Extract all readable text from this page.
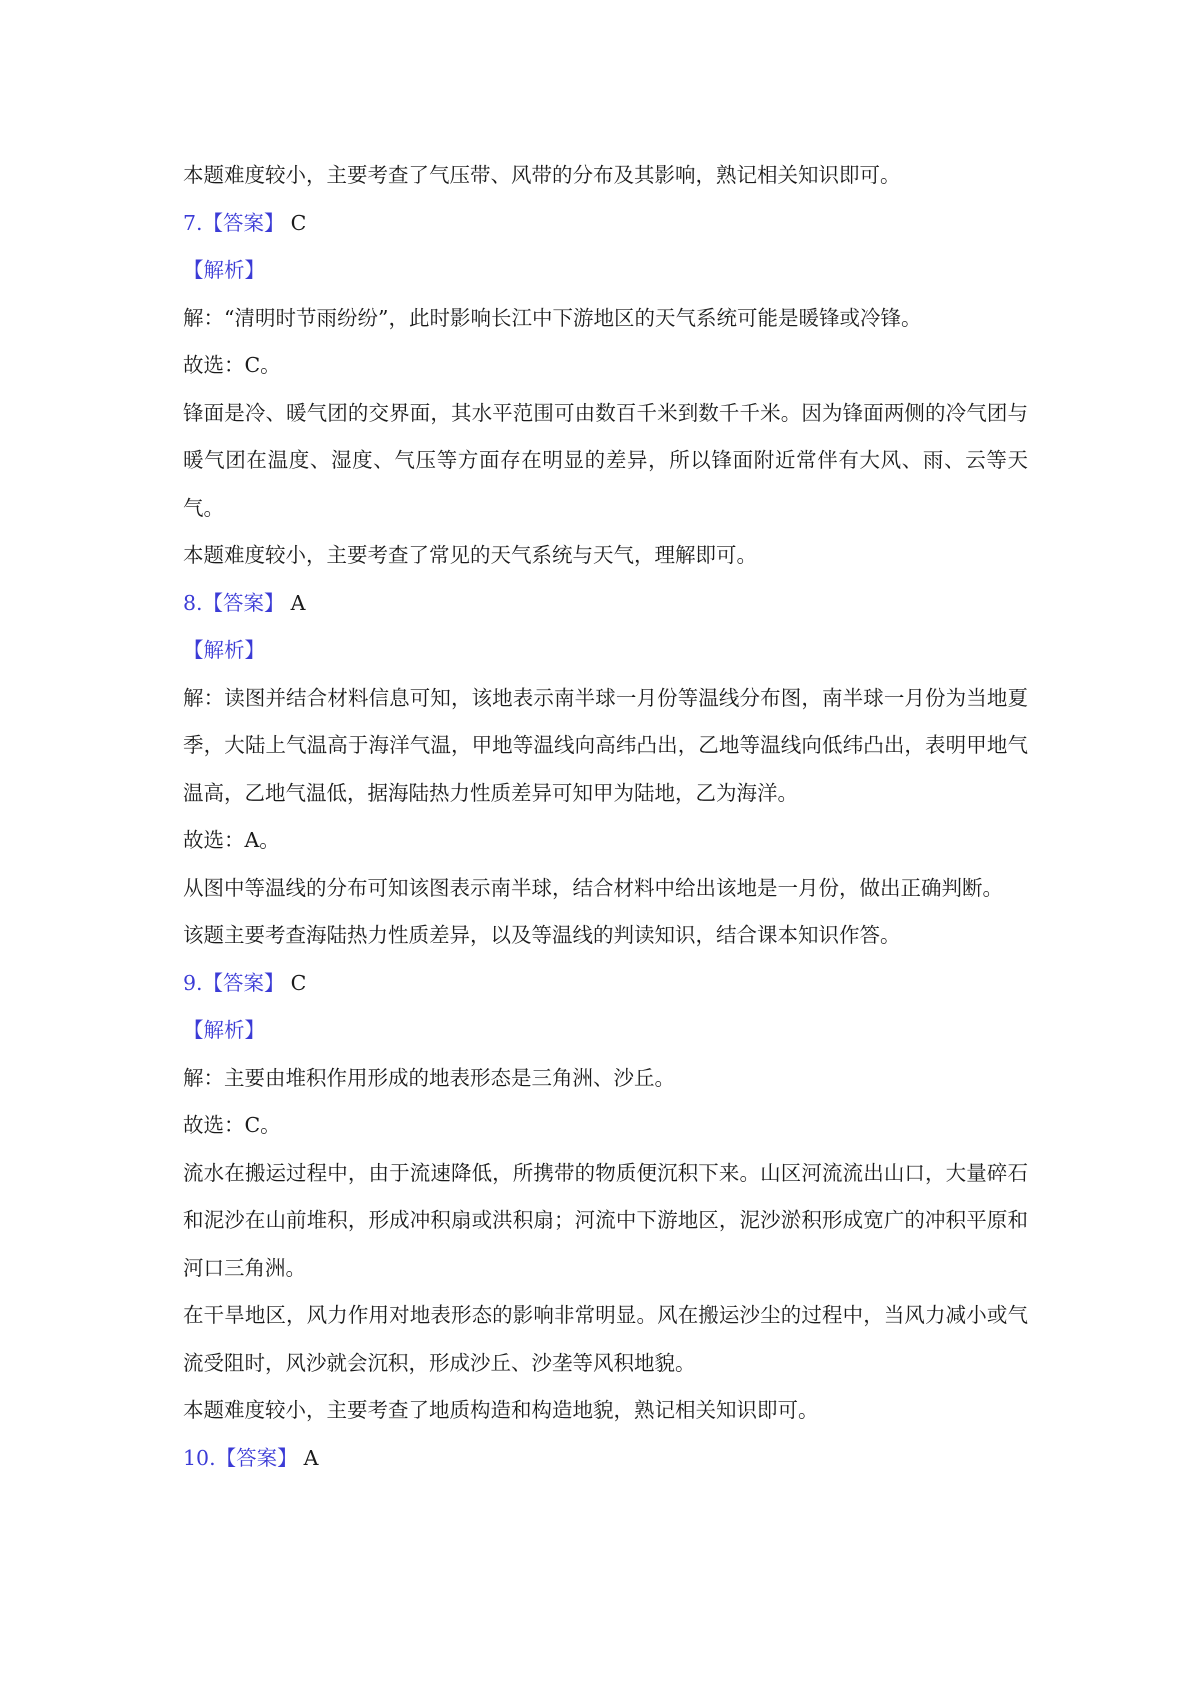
本题难度较小，主要考查了气压带、风带的分布及其影响，熟记相关知识即可。

7.【答案】 C

【解析】

解：“清明时节雨纷纷”，此时影响长江中下游地区的天气系统可能是暖锋或冷锋。

故选：C。

锋面是冷、暖气团的交界面，其水平范围可由数百千米到数千千米。因为锋面两侧的冷气团与暖气团在温度、湿度、气压等方面存在明显的差异，所以锋面附近常伴有大风、雨、云等天气。

本题难度较小，主要考查了常见的天气系统与天气，理解即可。

8.【答案】 A

【解析】

解：读图并结合材料信息可知，该地表示南半球一月份等温线分布图，南半球一月份为当地夏季，大陆上气温高于海洋气温，甲地等温线向高纬凸出，乙地等温线向低纬凸出，表明甲地气温高，乙地气温低，据海陆热力性质差异可知甲为陆地，乙为海洋。

故选：A。

从图中等温线的分布可知该图表示南半球，结合材料中给出该地是一月份，做出正确判断。

该题主要考查海陆热力性质差异，以及等温线的判读知识，结合课本知识作答。

9.【答案】 C

【解析】

解：主要由堆积作用形成的地表形态是三角洲、沙丘。

故选：C。

流水在搬运过程中，由于流速降低，所携带的物质便沉积下来。山区河流流出山口，大量碎石和泥沙在山前堆积，形成冲积扇或洪积扇；河流中下游地区，泥沙淤积形成宽广的冲积平原和河口三角洲。

在干旱地区，风力作用对地表形态的影响非常明显。风在搬运沙尘的过程中，当风力减小或气流受阻时，风沙就会沉积，形成沙丘、沙垄等风积地貌。

本题难度较小，主要考查了地质构造和构造地貌，熟记相关知识即可。

10.【答案】 A
